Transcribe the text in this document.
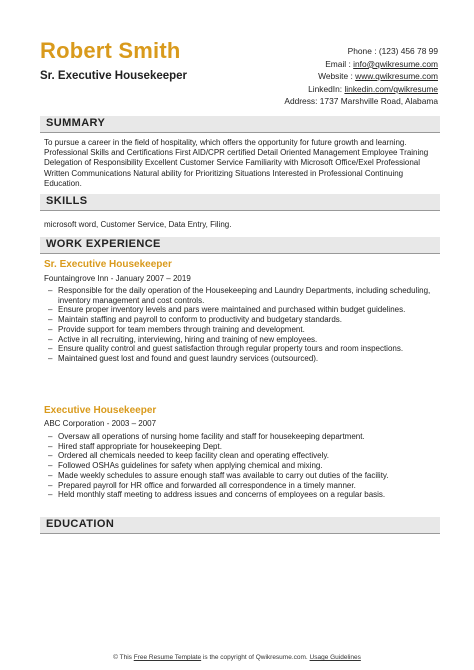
Robert Smith
Sr. Executive Housekeeper
Phone : (123) 456 78 99
Email : info@qwikresume.com
Website : www.qwikresume.com
LinkedIn: linkedin.com/qwikresume
Address: 1737 Marshville Road, Alabama
SUMMARY
To pursue a career in the field of hospitality, which offers the opportunity for future growth and learning. Professional Skills and Certifications First AID/CPR certified Detail Oriented Management Employee Training Delegation of Responsibility Excellent Customer Service Familiarity with Microsoft Office/Exel Professional Written Communications Natural ability for Prioritizing Situations Interested in Professional Continuing Education.
SKILLS
microsoft word, Customer Service, Data Entry, Filing.
WORK EXPERIENCE
Sr. Executive Housekeeper
Fountaingrove Inn - January 2007 – 2019
– Responsible for the daily operation of the Housekeeping and Laundry Departments, including scheduling, inventory management and cost controls.
– Ensure proper inventory levels and pars were maintained and purchased within budget guidelines.
– Maintain staffing and payroll to conform to productivity and budgetary standards.
– Provide support for team members through training and development.
– Active in all recruiting, interviewing, hiring and training of new employees.
– Ensure quality control and guest satisfaction through regular property tours and room inspections.
– Maintained guest lost and found and guest laundry services (outsourced).
Executive Housekeeper
ABC Corporation - 2003 – 2007
– Oversaw all operations of nursing home facility and staff for housekeeping department.
– Hired staff appropriate for housekeeping Dept.
– Ordered all chemicals needed to keep facility clean and operating effectively.
– Followed OSHAs guidelines for safety when applying chemical and mixing.
– Made weekly schedules to assure enough staff was available to carry out duties of the facility.
– Prepared payroll for HR office and forwarded all correspondence in a timely manner.
– Held monthly staff meeting to address issues and concerns of employees on a regular basis.
EDUCATION
© This Free Resume Template is the copyright of Qwikresume.com. Usage Guidelines
